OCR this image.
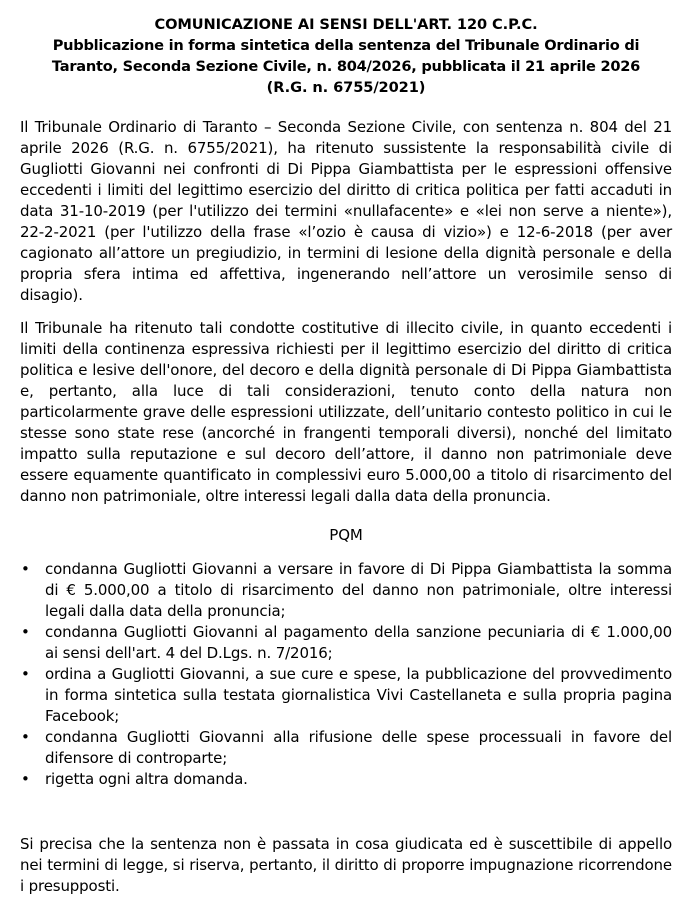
COMUNICAZIONE AI SENSI DELL'ART. 120 C.P.C.
Pubblicazione in forma sintetica della sentenza del Tribunale Ordinario di
Taranto, Seconda Sezione Civile, n. 804/2026, pubblicata il 21 aprile 2026
(R.G. n. 6755/2021)

Il Tribunale Ordinario di Taranto – Seconda Sezione Civile, con sentenza n. 804 del 21 aprile 2026 (R.G. n. 6755/2021), ha ritenuto sussistente la responsabilità civile di Gugliotti Giovanni nei confronti di Di Pippa Giambattista per le espressioni offensive eccedenti i limiti del legittimo esercizio del diritto di critica politica per fatti accaduti in data 31-10-2019 (per l'utilizzo dei termini «nullafacente» e «lei non serve a niente»), 22-2-2021 (per l'utilizzo della frase «l’ozio è causa di vizio») e 12-6-2018 (per aver cagionato all’attore un pregiudizio, in termini di lesione della dignità personale e della propria sfera intima ed affettiva, ingenerando nell’attore un verosimile senso di disagio).

Il Tribunale ha ritenuto tali condotte costitutive di illecito civile, in quanto eccedenti i limiti della continenza espressiva richiesti per il legittimo esercizio del diritto di critica politica e lesive dell'onore, del decoro e della dignità personale di Di Pippa Giambattista e, pertanto, alla luce di tali considerazioni, tenuto conto della natura non particolarmente grave delle espressioni utilizzate, dell’unitario contesto politico in cui le stesse sono state rese (ancorché in frangenti temporali diversi), nonché del limitato impatto sulla reputazione e sul decoro dell’attore, il danno non patrimoniale deve essere equamente quantificato in complessivi euro 5.000,00 a titolo di risarcimento del danno non patrimoniale, oltre interessi legali dalla data della pronuncia.

PQM
• condanna Gugliotti Giovanni a versare in favore di Di Pippa Giambattista la somma di € 5.000,00 a titolo di risarcimento del danno non patrimoniale, oltre interessi legali dalla data della pronuncia;
• condanna Gugliotti Giovanni al pagamento della sanzione pecuniaria di € 1.000,00 ai sensi dell'art. 4 del D.Lgs. n. 7/2016;
• ordina a Gugliotti Giovanni, a sue cure e spese, la pubblicazione del provvedimento in forma sintetica sulla testata giornalistica Vivi Castellaneta e sulla propria pagina Facebook;
• condanna Gugliotti Giovanni alla rifusione delle spese processuali in favore del difensore di controparte;
• rigetta ogni altra domanda.

Si precisa che la sentenza non è passata in cosa giudicata ed è suscettibile di appello nei termini di legge, si riserva, pertanto, il diritto di proporre impugnazione ricorrendone i presupposti.
